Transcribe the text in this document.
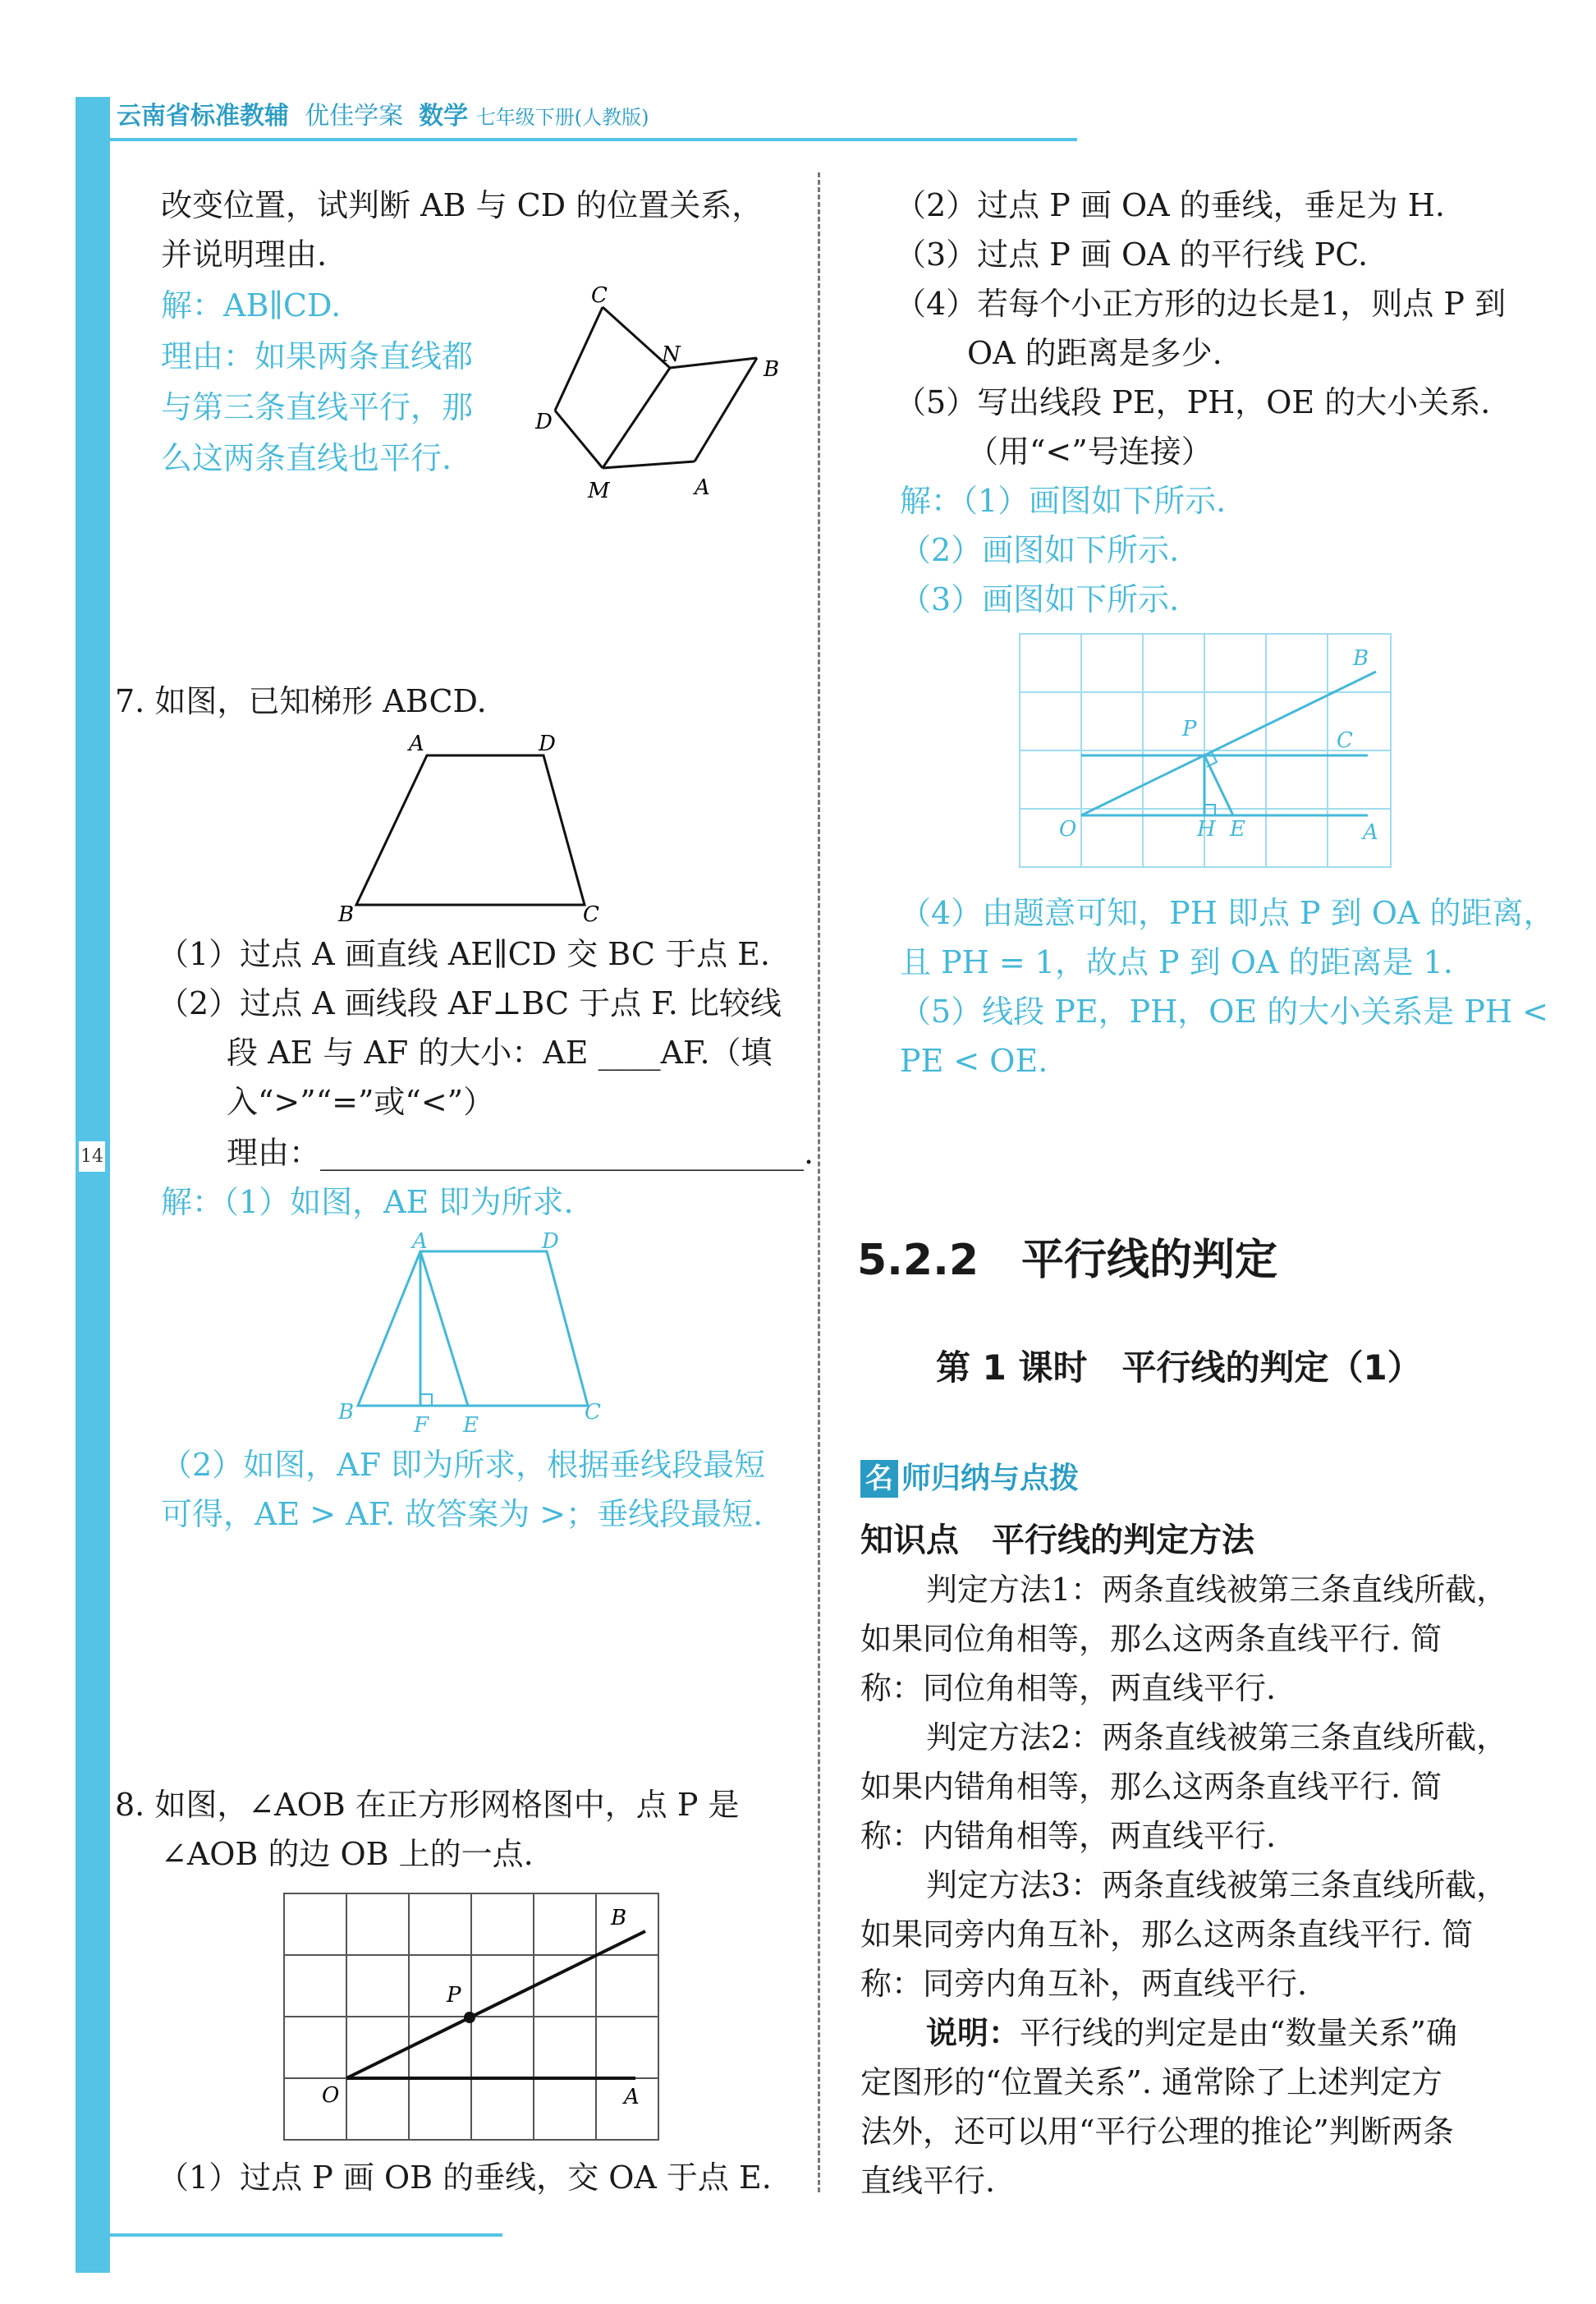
云南省标准教辅 优佳学案 数学 七年级下册(人教版)
14
改变位置，试判断 AB 与 CD 的位置关系，
并说明理由.
解：AB∥CD.
理由：如果两条直线都
与第三条直线平行，那
么这两条直线也平行.
C
N
B
D
M	A
7. 如图，已知梯形 ABCD.
A	D
B	C
（1）过点 A 画直线 AE∥CD 交 BC 于点 E.
（2）过点 A 画线段 AF⊥BC 于点 F. 比较线
段 AE 与 AF 的大小：AE ____AF.（填
入“>”“=”或“<”）
理由：_______________________________.
解：（1）如图，AE 即为所求.
A	D
B
F E
C
（2）如图，AF 即为所求，根据垂线段最短
可得，AE > AF. 故答案为 >；垂线段最短.
8. 如图，∠AOB 在正方形网格图中，点 P 是
∠AOB 的边 OB 上的一点.
B
P
O	A
（1）过点 P 画 OB 的垂线，交 OA 于点 E.
（2）过点 P 画 OA 的垂线，垂足为 H.
（3）过点 P 画 OA 的平行线 PC.
（4）若每个小正方形的边长是1，则点 P 到
OA 的距离是多少.
（5）写出线段 PE，PH，OE 的大小关系.
（用“<”号连接）
解：（1）画图如下所示.
（2）画图如下所示.
（3）画图如下所示.
B
P	C
O	H E	A
（4）由题意可知，PH 即点 P 到 OA 的距离，
且 PH = 1，故点 P 到 OA 的距离是 1.
（5）线段 PE，PH，OE 的大小关系是 PH <
PE < OE.
5.2.2　平行线的判定
第 1 课时　平行线的判定（1）
名 师归纳与点拨
知识点　平行线的判定方法
判定方法1：两条直线被第三条直线所截，
如果同位角相等，那么这两条直线平行. 简
称：同位角相等，两直线平行.
判定方法2：两条直线被第三条直线所截，
如果内错角相等，那么这两条直线平行. 简
称：内错角相等，两直线平行.
判定方法3：两条直线被第三条直线所截，
如果同旁内角互补，那么这两条直线平行. 简
称：同旁内角互补，两直线平行.
说明：平行线的判定是由“数量关系”确
定图形的“位置关系”. 通常除了上述判定方
法外，还可以用“平行公理的推论”判断两条
直线平行.
